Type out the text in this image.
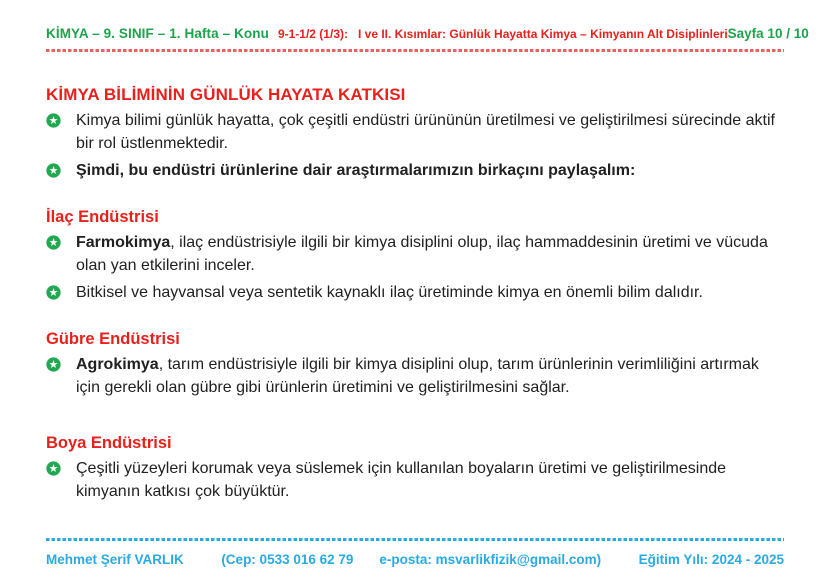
KİMYA – 9. SINIF – 1. Hafta – Konu 9-1-1/2 (1/3): I ve II. Kısımlar: Günlük Hayatta Kimya – Kimyanın Alt Disiplinleri Sayfa 10 / 10
KİMYA BİLİMİNİN GÜNLÜK HAYATA KATKISI

Kimya bilimi günlük hayatta, çok çeşitli endüstri ürününün üretilmesi ve geliştirilmesi sürecinde aktif bir rol üstlenmektedir.

Şimdi, bu endüstri ürünlerine dair araştırmalarımızın birkaçını paylaşalım:

İlaç Endüstrisi

Farmokimya, ilaç endüstrisiyle ilgili bir kimya disiplini olup, ilaç hammaddesinin üretimi ve vücuda olan yan etkilerini inceler.

Bitkisel ve hayvansal veya sentetik kaynaklı ilaç üretiminde kimya en önemli bilim dalıdır.

Gübre Endüstrisi

Agrokimya, tarım endüstrisiyle ilgili bir kimya disiplini olup, tarım ürünlerinin verimliliğini artırmak için gerekli olan gübre gibi ürünlerin üretimini ve geliştirilmesini sağlar.

Boya Endüstrisi

Çeşitli yüzeyleri korumak veya süslemek için kullanılan boyaların üretimi ve geliştirilmesinde kimyanın katkısı çok büyüktür.

Mehmet Şerif VARLIK	(Cep: 0533 016 62 79 e-posta: msvarlikfizik@gmail.com)	Eğitim Yılı: 2024 - 2025
